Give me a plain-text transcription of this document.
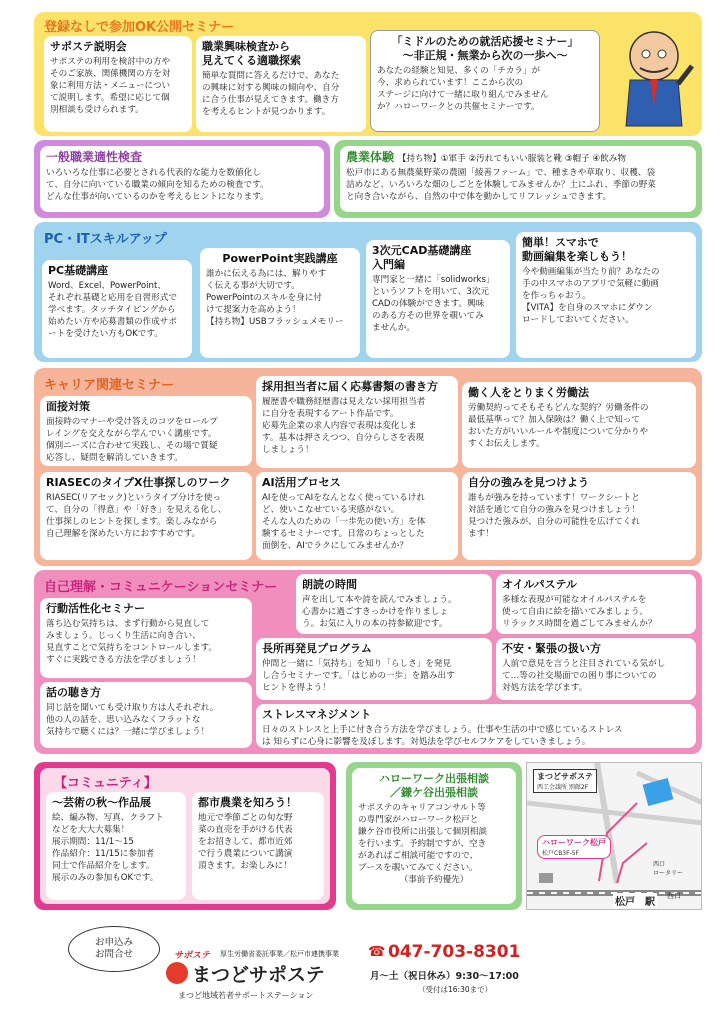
登録なしで参加OK公開セミナー
サポステ説明会

サポステの利用を検討中の方や
そのご家族、関係機関の方を対
象に利用方法・メニューについ
て説明します。希望に応じて個
別相談も受けられます。

職業興味検査から
見えてくる適職探索

簡単な質問に答えるだけで、あなた
の興味に対する興味の傾向や、自分
に合う仕事が見えてきます。働き方
を考えるヒントが見つかります。

「ミドルのための就活応援セミナー」
～非正規・無業から次の一歩へ～

あなたの経験と知見、多くの「チカラ」が
今、求められています！ここから次の
ステージに向けて一緒に取り組んでみません
か？ハローワークとの共催セミナーです。

一般職業適性検査

いろいろな仕事に必要とされる代表的な能力を数値化し
て、自分に向いている職業の傾向を知るための検査です。
どんな仕事が向いているのかを考えるヒントになります。

農業体験 【持ち物】①軍手 ②汚れてもいい服装と靴 ③帽子 ④飲み物

松戸市にある無農薬野菜の農園「綾善ファーム」で、種まきや草取り、収穫、袋
詰めなど、いろいろな畑のしごとを体験してみませんか？土にふれ、季節の野菜
と向き合いながら、自然の中で体を動かしてリフレッシュできます。

PC・ITスキルアップ
PC基礎講座

Word、Excel、PowerPoint、
それぞれ基礎と応用を自習形式で
学べます。タッチタイピングから
始めたい方や応募書類の作成サポ
ートを受けたい方もOKです。

PowerPoint実践講座

誰かに伝える為には、解りやす
く伝える事が大切です。
PowerPointのスキルを身に付
けて提案力を高めよう！
【持ち物】USBフラッシュメモリー

3次元CAD基礎講座
入門編

専門家と一緒に「solidworks」
というソフトを用いて、3次元
CADの体験ができます。興味
のある方その世界を覗いてみ
ませんか。

簡単！スマホで
動画編集を楽しもう！

今や動画編集が当たり前？あなたの
手の中スマホのアプリで気軽に動画
を作っちゃおう。
【VITA】を自身のスマホにダウン
ロードしておいてください。

キャリア関連セミナー
面接対策

面接時のマナーや受け答えのコツをロールプ
レイングを交えながら学んでいく講座です。
個別ニーズに合わせて実践し、その場で質疑
応答し、疑問を解消していきます。

採用担当者に届く応募書類の書き方

履歴書や職務経歴書は見えない採用担当者
に自分を表現するアート作品です。
応募先企業の求人内容で表現は変化しま
す。基本は押さえつつ、自分らしさを表現
しましょう！

働く人をとりまく労働法

労働契約ってそもそもどんな契約？労働条件の
最低基準って？加入保険は？働く上で知って
おいた方がいいルールや制度について分かりや
すくお伝えします。

RIASECのタイプX仕事探しのワーク

RIASEC(リアセック)というタイプ分けを使っ
て、自分の「得意」や「好き」を見える化し、
仕事探しのヒントを探します。楽しみながら
自己理解を深めたい方におすすめです。

AI活用プロセス

AIを使ってAIをなんとなく使っているけれ
ど、使いこなせている実感がない。
そんな人のための「一歩先の使い方」を体
験するセミナーです。日常のちょっとした
面倒を、AIでラクにしてみませんか？

自分の強みを見つけよう

誰もが強みを持っています！ワークシートと
対話を通じて自分の強みを見つけましょう！
見つけた強みが、自分の可能性を広げてくれ
ます！

自己理解・コミュニケーションセミナー
行動活性化セミナー

落ち込む気持ちは、まず行動から見直して
みましょう。じっくり生活に向き合い、
見直すことで気持ちをコントロールします。
すぐに実践できる方法を学びましょう！

朗読の時間

声を出して本や詩を読んでみましょう。
心書かに過ごすきっかけを作りましょ
う。お気に入りの本の持参歓迎です。

オイルパステル

多様な表現が可能なオイルパステルを
使って自由に絵を描いてみましょう。
リラックス時間を過ごしてみませんか？

長所再発見プログラム

仲間と一緒に「気持ち」を知り「らしさ」を発見
し合うセミナーです。「はじめの一歩」を踏み出す
ヒントを得よう！

不安・緊張の扱い方

人前で意見を言うと注目されている気がし
て…等の社交場面での困り事についての
対処方法を学びます。

話の聴き方

同じ話を聞いても受け取り方は人それぞれ。
他の人の話を、思い込みなくフラットな
気持ちで聴くには？一緒に学びましょう！

ストレスマネジメント

日々のストレスと上手に付き合う方法を学びましょう。仕事や生活の中で感じているストレス
は 知らずに心身に影響を及ぼします。対処法を学びセルフケアをしていきましょう。

【コミュニティ】
～芸術の秋～作品展

絵、編み物、写真、クラフト
などを大大大募集！
展示期間：11/1～15
作品紹介：11/15に参加者
同士で作品紹介をします。
展示のみの参加もOKです。

都市農業を知ろう！

地元で季節ごとの旬な野
菜の直売を手がける代表
をお招きして、都市近郊
で行う農業について講演
頂きます。お楽しみに！

ハローワーク出張相談
／鎌ケ谷出張相談

サポステのキャリアコンサルト等
の専門家がハローワーク松戸と
鎌ケ谷市役所に出張して個別相談
を行います。予約制ですが、空き
があればご相談可能ですので、
ブースを覗いてみてください。

（事前予約優先）

まつどサポステ
西工会議所 別館2F
ハローワーク松戸
松戸CB3F-5F
西口
ロータリー
松戸　駅
西口
お申込み
お問合せ	サポステ 厚生労働省委託事業／松戸市連携事業
まつどサポステ
まつど地域若者サポートステーション
☎ 047-703-8301
月～土（祝日休み）9:30～17:00
（受付は16:30まで）
